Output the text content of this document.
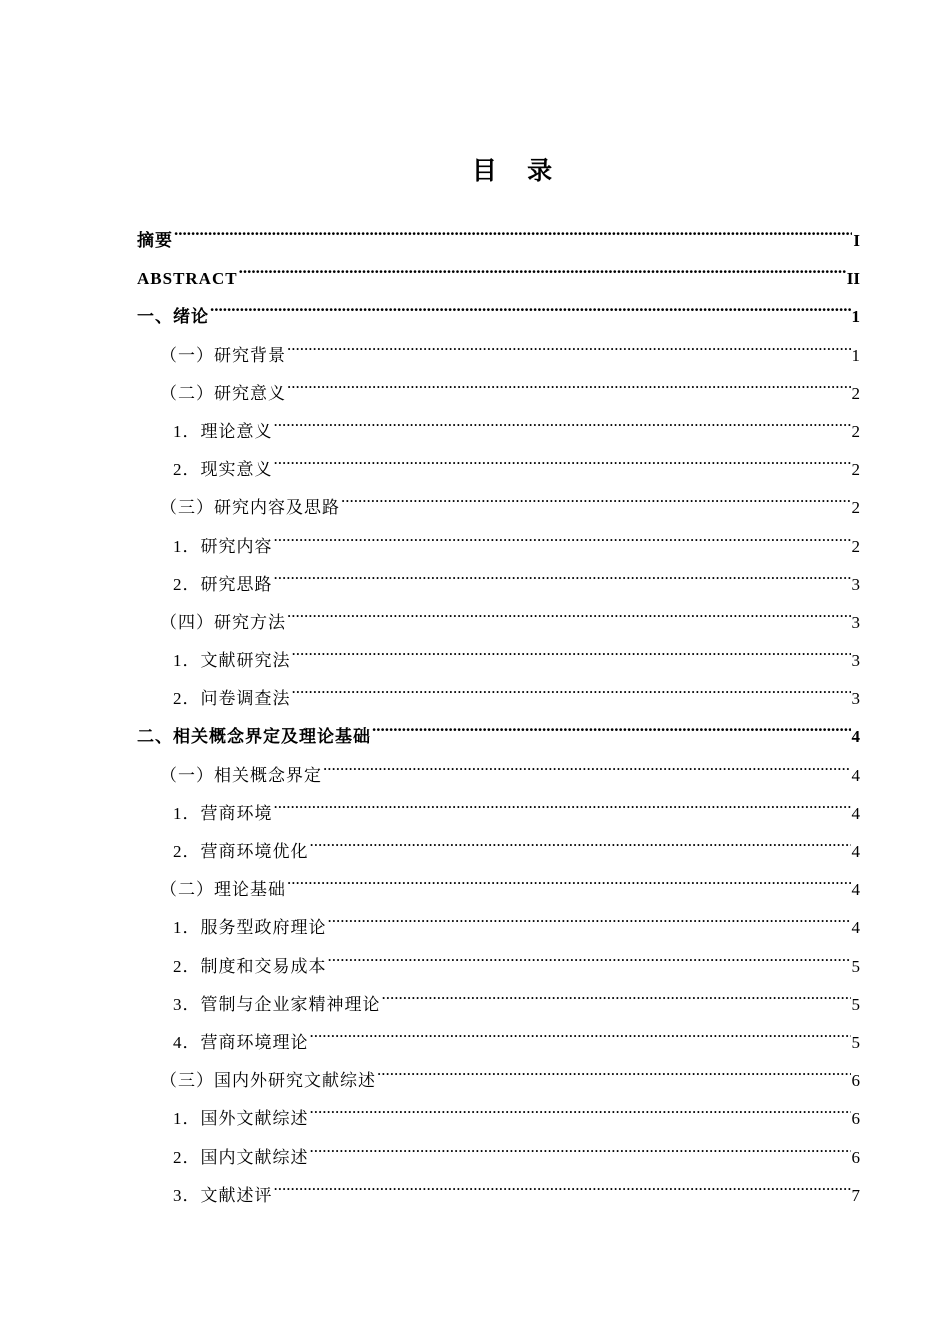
目 录
摘要 .....	I
ABSTRACT .....	II
一、绪论 .....	1
（一）研究背景 .....	1
（二）研究意义 .....	2
1．理论意义 .....	2
2．现实意义 .....	2
（三）研究内容及思路 .....	2
1．研究内容 .....	2
2．研究思路 .....	3
（四）研究方法 .....	3
1．文献研究法 .....	3
2．问卷调查法 .....	3
二、相关概念界定及理论基础 .....	4
（一）相关概念界定 .....	4
1．营商环境 .....	4
2．营商环境优化 .....	4
（二）理论基础 .....	4
1．服务型政府理论 .....	4
2．制度和交易成本 .....	5
3．管制与企业家精神理论 .....	5
4．营商环境理论 .....	5
（三）国内外研究文献综述 .....	6
1．国外文献综述 .....	6
2．国内文献综述 .....	6
3．文献述评 .....	7
